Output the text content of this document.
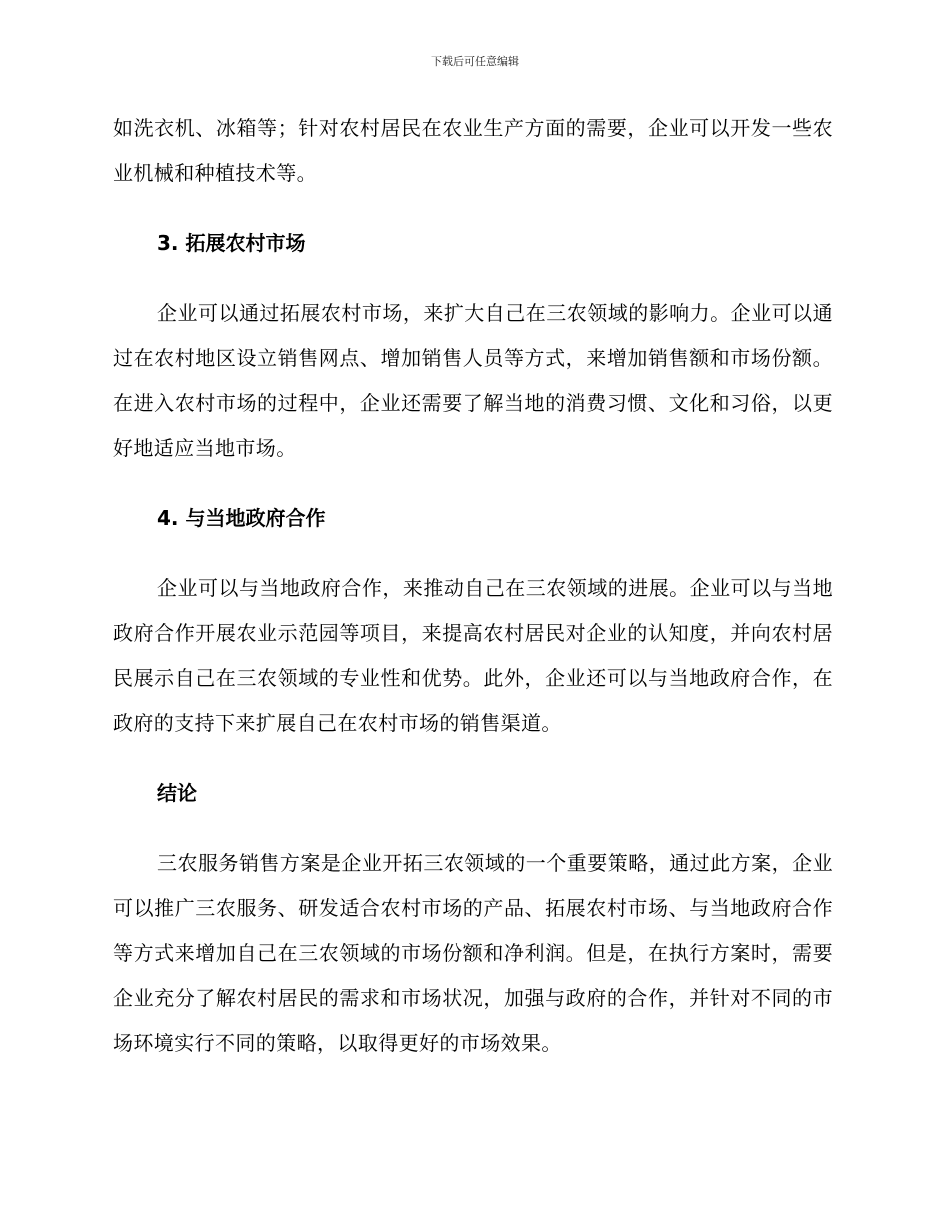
下载后可任意编辑

如洗衣机、冰箱等；针对农村居民在农业生产方面的需要，企业可以开发一些农业机械和种植技术等。

3. 拓展农村市场

企业可以通过拓展农村市场，来扩大自己在三农领域的影响力。企业可以通过在农村地区设立销售网点、增加销售人员等方式，来增加销售额和市场份额。在进入农村市场的过程中，企业还需要了解当地的消费习惯、文化和习俗，以更好地适应当地市场。

4. 与当地政府合作

企业可以与当地政府合作，来推动自己在三农领域的进展。企业可以与当地政府合作开展农业示范园等项目，来提高农村居民对企业的认知度，并向农村居民展示自己在三农领域的专业性和优势。此外，企业还可以与当地政府合作，在政府的支持下来扩展自己在农村市场的销售渠道。

结论

三农服务销售方案是企业开拓三农领域的一个重要策略，通过此方案，企业可以推广三农服务、研发适合农村市场的产品、拓展农村市场、与当地政府合作等方式来增加自己在三农领域的市场份额和净利润。但是，在执行方案时，需要企业充分了解农村居民的需求和市场状况，加强与政府的合作，并针对不同的市场环境实行不同的策略，以取得更好的市场效果。
